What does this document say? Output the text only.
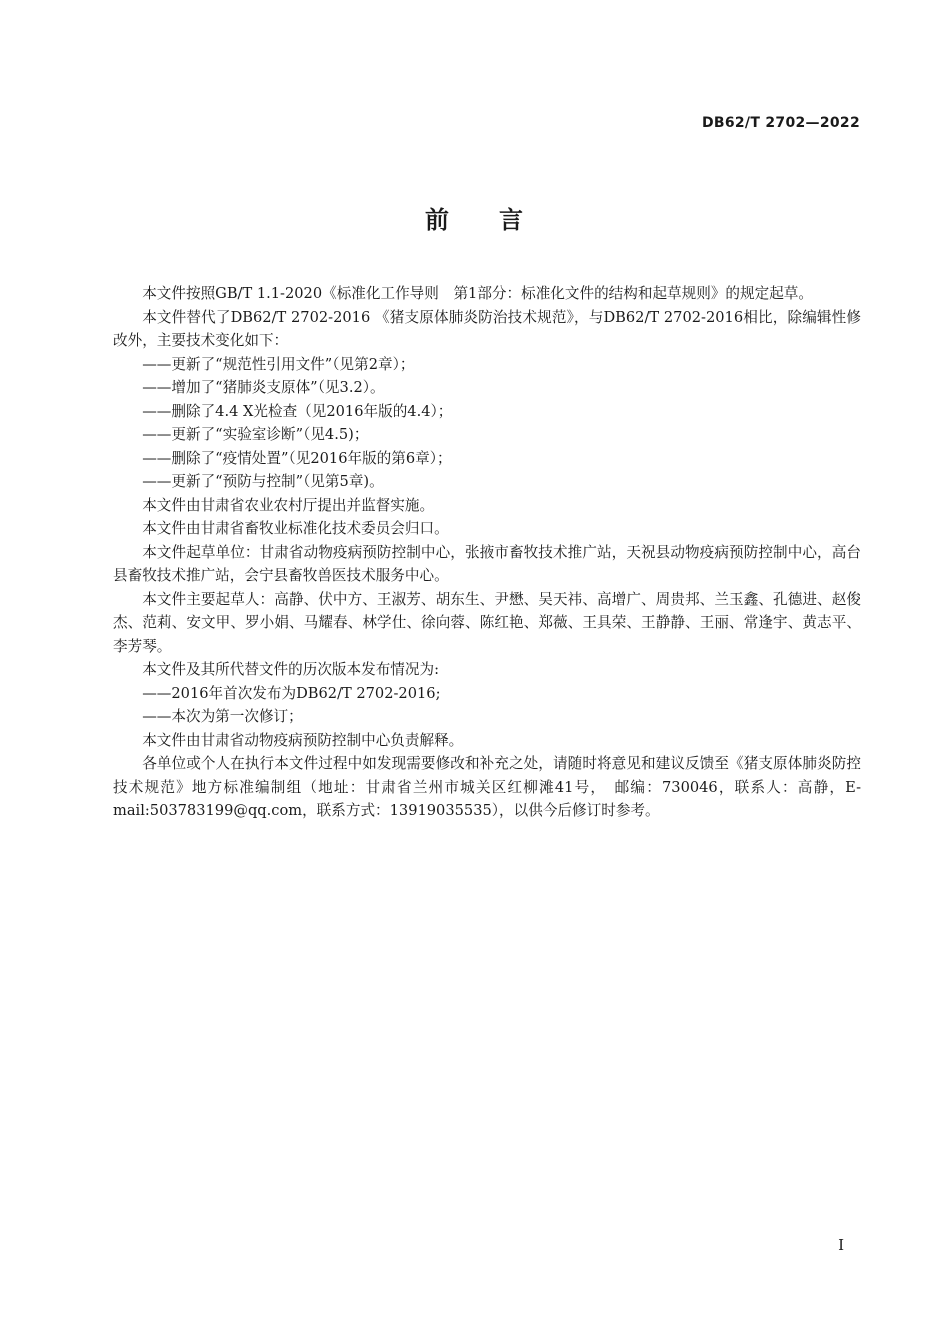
DB62/T 2702—2022
前 言

本文件按照GB/T 1.1-2020《标准化工作导则　第1部分：标准化文件的结构和起草规则》的规定起草。

本文件替代了DB62/T 2702-2016 《猪支原体肺炎防治技术规范》，与DB62/T 2702-2016相比，除编辑性修改外，主要技术变化如下：

——更新了“规范性引用文件”（见第2章）；

——增加了“猪肺炎支原体”（见3.2）。

——删除了4.4 X光检查（见2016年版的4.4）；

——更新了“实验室诊断”（见4.5)；

——删除了“疫情处置”（见2016年版的第6章）；

——更新了“预防与控制”（见第5章)。

本文件由甘肃省农业农村厅提出并监督实施。

本文件由甘肃省畜牧业标准化技术委员会归口。

本文件起草单位：甘肃省动物疫病预防控制中心，张掖市畜牧技术推广站，天祝县动物疫病预防控制中心，高台县畜牧技术推广站，会宁县畜牧兽医技术服务中心。

本文件主要起草人：高静、伏中方、王淑芳、胡东生、尹懋、吴天祎、高增广、周贵邦、兰玉鑫、孔德进、赵俊杰、范莉、安文甲、罗小娟、马耀春、林学仕、徐向蓉、陈红艳、郑薇、王具荣、王静静、王丽、常逢宇、黄志平、李芳琴。

本文件及其所代替文件的历次版本发布情况为:

——2016年首次发布为DB62/T 2702-2016;

——本次为第一次修订；

本文件由甘肃省动物疫病预防控制中心负责解释。

各单位或个人在执行本文件过程中如发现需要修改和补充之处，请随时将意见和建议反馈至《猪支原体肺炎防控技术规范》地方标准编制组（地址：甘肃省兰州市城关区红柳滩41号，　邮编：730046，联系人：高静，E-mail:503783199@qq.com，联系方式：13919035535），以供今后修订时参考。

I
